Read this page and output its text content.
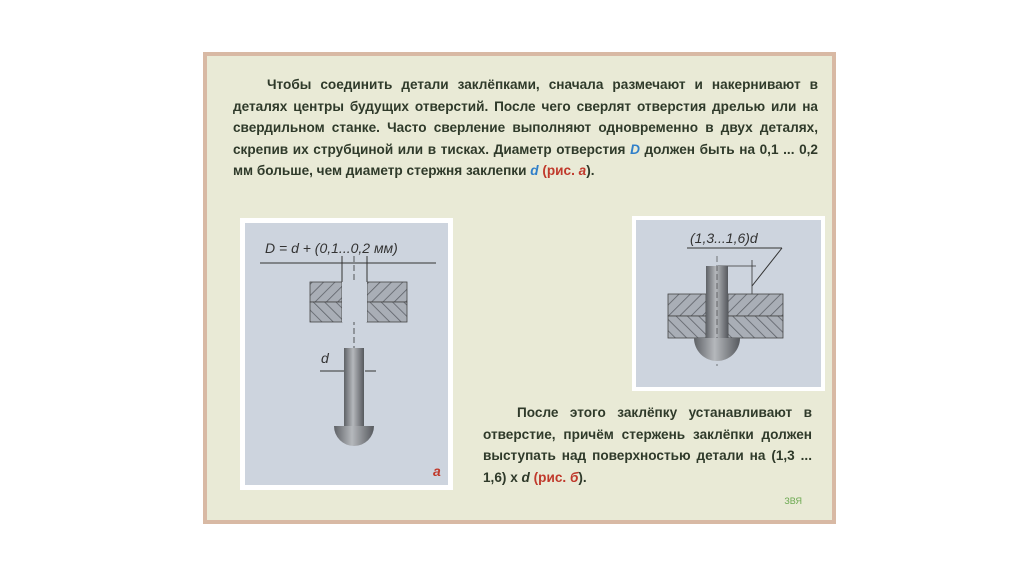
Чтобы соединить детали заклёпками, сначала размечают и накернивают в деталях центры будущих отверстий. После чего сверлят отверстия дрелью или на свердильном станке. Часто сверление выполняют одновременно в двух деталях, скрепив их струбциной или в тисках. Диаметр отверстия D должен быть на 0,1 ... 0,2 мм больше, чем диаметр стержня заклепки d (рис. а).

D = d + (0,1...0,2 мм)
d
а
(1,3...1,6)d

После этого заклёпку устанавливают в отверстие, причём стержень заклёпки должен выступать над поверхностью детали на (1,3 ... 1,6) х d (рис. б).

ЗВЯ
